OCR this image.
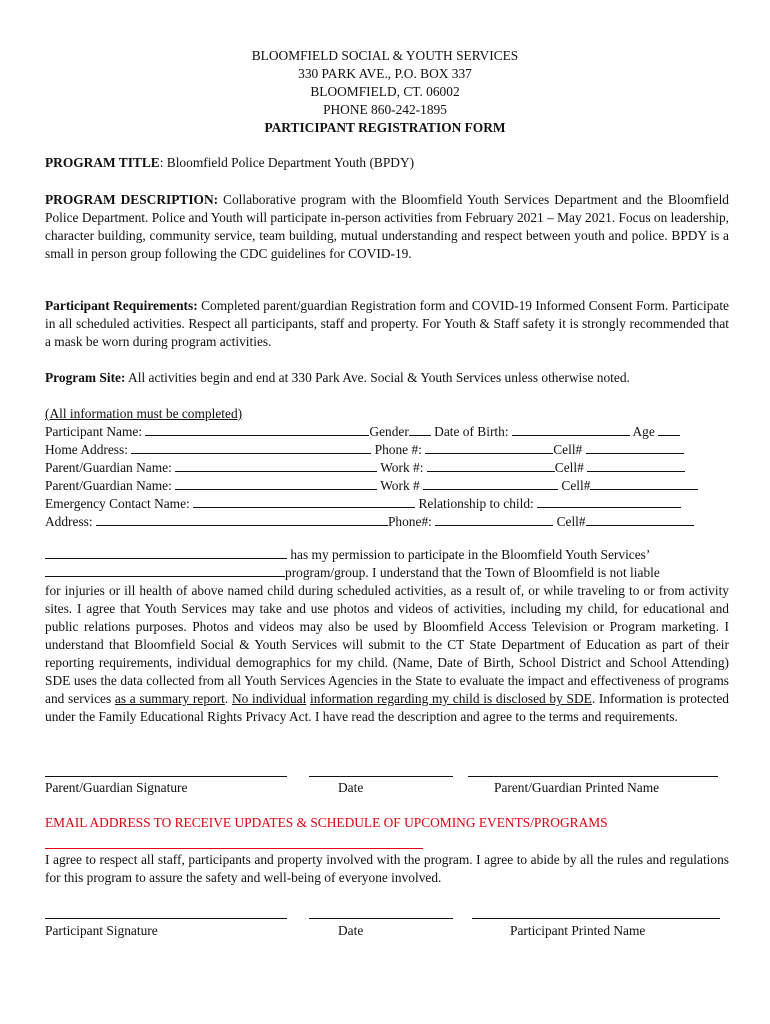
BLOOMFIELD SOCIAL & YOUTH SERVICES
330 PARK AVE., P.O. BOX 337
BLOOMFIELD, CT. 06002
PHONE 860-242-1895
PARTICIPANT REGISTRATION FORM
PROGRAM TITLE: Bloomfield Police Department Youth (BPDY)
PROGRAM DESCRIPTION: Collaborative program with the Bloomfield Youth Services Department and the Bloomfield Police Department. Police and Youth will participate in-person activities from February 2021 – May 2021. Focus on leadership, character building, community service, team building, mutual understanding and respect between youth and police. BPDY is a small in person group following the CDC guidelines for COVID-19.
Participant Requirements: Completed parent/guardian Registration form and COVID-19 Informed Consent Form. Participate in all scheduled activities. Respect all participants, staff and property. For Youth & Staff safety it is strongly recommended that a mask be worn during program activities.
Program Site: All activities begin and end at 330 Park Ave. Social & Youth Services unless otherwise noted.
(All information must be completed)
Participant Name:	Gender Date of Birth:	Age
Home Address:	Phone #:	Cell#
Parent/Guardian Name:	Work #:	Cell#
Parent/Guardian Name:	Work #	Cell#
Emergency Contact Name:	Relationship to child:
Address:	Phone#:	Cell#
has my permission to participate in the Bloomfield Youth Services’
program/group. I understand that the Town of Bloomfield is not liable
for injuries or ill health of above named child during scheduled activities, as a result of, or while traveling to or from activity sites. I agree that Youth Services may take and use photos and videos of activities, including my child, for educational and public relations purposes. Photos and videos may also be used by Bloomfield Access Television or Program marketing. I understand that Bloomfield Social & Youth Services will submit to the CT State Department of Education as part of their reporting requirements, individual demographics for my child. (Name, Date of Birth, School District and School Attending) SDE uses the data collected from all Youth Services Agencies in the State to evaluate the impact and effectiveness of programs and services as a summary report. No individual information regarding my child is disclosed by SDE. Information is protected under the Family Educational Rights Privacy Act. I have read the description and agree to the terms and requirements.
Parent/Guardian Signature	Date	Parent/Guardian Printed Name
EMAIL ADDRESS TO RECEIVE UPDATES & SCHEDULE OF UPCOMING EVENTS/PROGRAMS
I agree to respect all staff, participants and property involved with the program. I agree to abide by all the rules and regulations for this program to assure the safety and well-being of everyone involved.
Participant Signature	Date	Participant Printed Name
